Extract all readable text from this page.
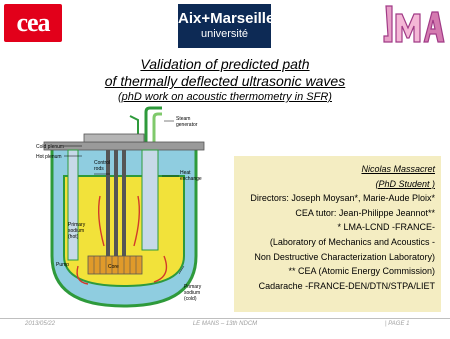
cea	Aix+Marseille
université
Validation of predicted path
of thermally deflected ultrasonic waves
(phD work on acoustic thermometry in SFR)
Steam
generator
Cold plenum
Hot plenum
Control
rods
Heat
exchange
Primary
sodium
(hot)
Pump	Core
Primary
sodium
(cold)
Nicolas Massacret
(PhD Student )
Directors: Joseph Moysan*, Marie-Aude Ploix*
CEA tutor: Jean-Philippe Jeannot**
* LMA-LCND -FRANCE-
(Laboratory of Mechanics and Acoustics -
Non Destructive Characterization Laboratory)
** CEA (Atomic Energy Commission)
Cadarache -FRANCE-DEN/DTN/STPA/LIET
2013/05/22	LE MANS – 13th NDCM	| PAGE 1
